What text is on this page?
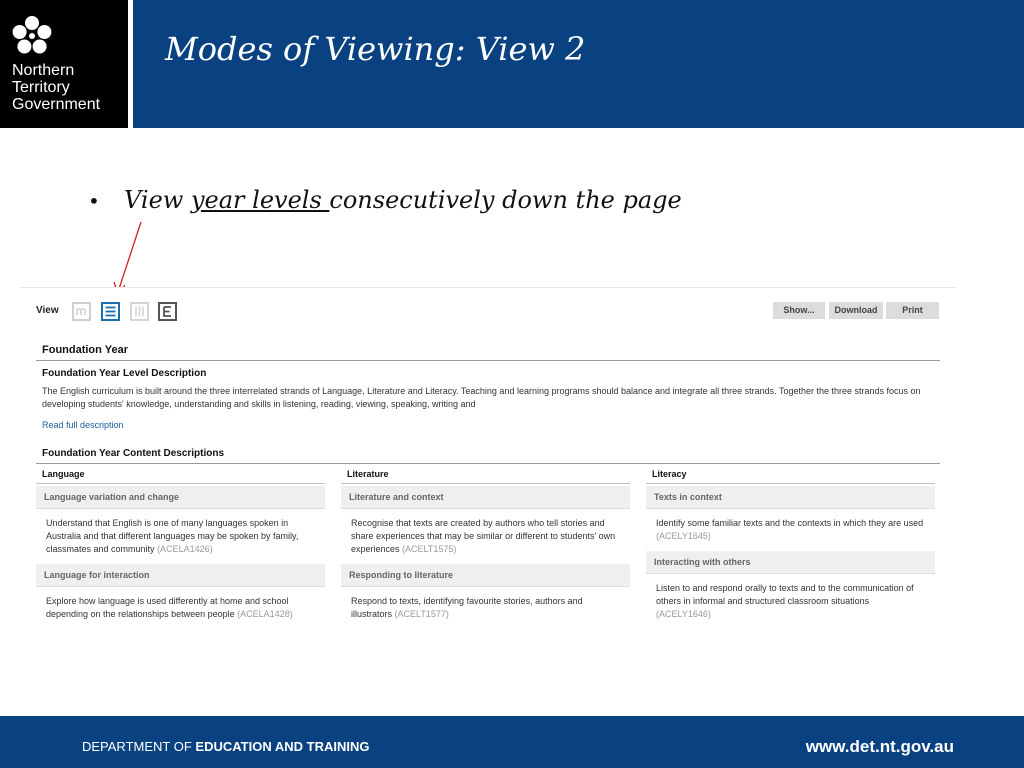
Northern
Territory
Government
Modes of Viewing: View 2
• View year levels consecutively down the page
View	Show...	Download	Print
Foundation Year
Foundation Year Level Description
The English curriculum is built around the three interrelated strands of Language, Literature and Literacy. Teaching and learning programs should balance and integrate all three strands. Together the three strands focus on developing students' knowledge, understanding and skills in listening, reading, viewing, speaking, writing and
Read full description
Foundation Year Content Descriptions
Language
Language variation and change
Understand that English is one of many languages spoken in Australia and that different languages may be spoken by family, classmates and community (ACELA1426)
Language for interaction
Explore how language is used differently at home and school depending on the relationships between people (ACELA1428)
Literature
Literature and context
Recognise that texts are created by authors who tell stories and share experiences that may be similar or different to students' own experiences (ACELT1575)
Responding to literature
Respond to texts, identifying favourite stories, authors and illustrators (ACELT1577)
Literacy
Texts in context
Identify some familiar texts and the contexts in which they are used (ACELY1645)
Interacting with others
Listen to and respond orally to texts and to the communication of others in informal and structured classroom situations (ACELY1646)
DEPARTMENT OF EDUCATION AND TRAINING	www.det.nt.gov.au
